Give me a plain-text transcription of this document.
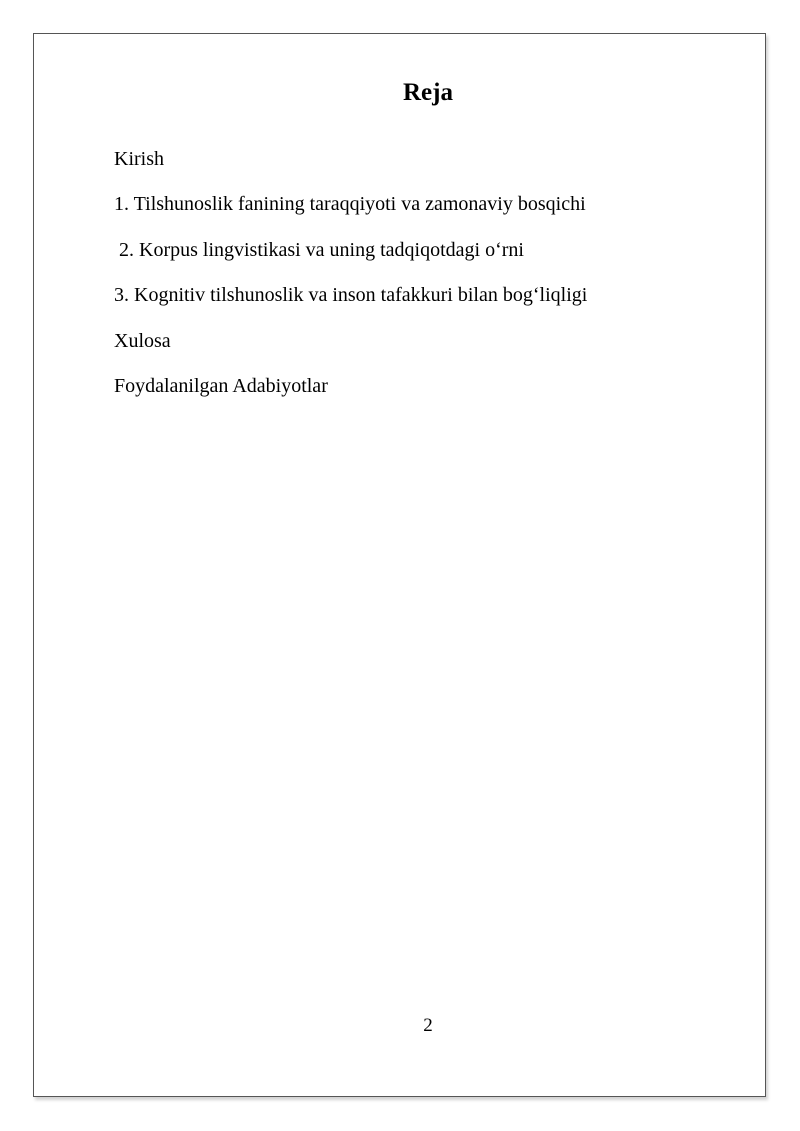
Reja
Kirish
1. Tilshunoslik fanining taraqqiyoti va zamonaviy bosqichi
2. Korpus lingvistikasi va uning tadqiqotdagi o‘rni
3. Kognitiv tilshunoslik va inson tafakkuri bilan bog‘liqligi
Xulosa
Foydalanilgan Adabiyotlar
2
